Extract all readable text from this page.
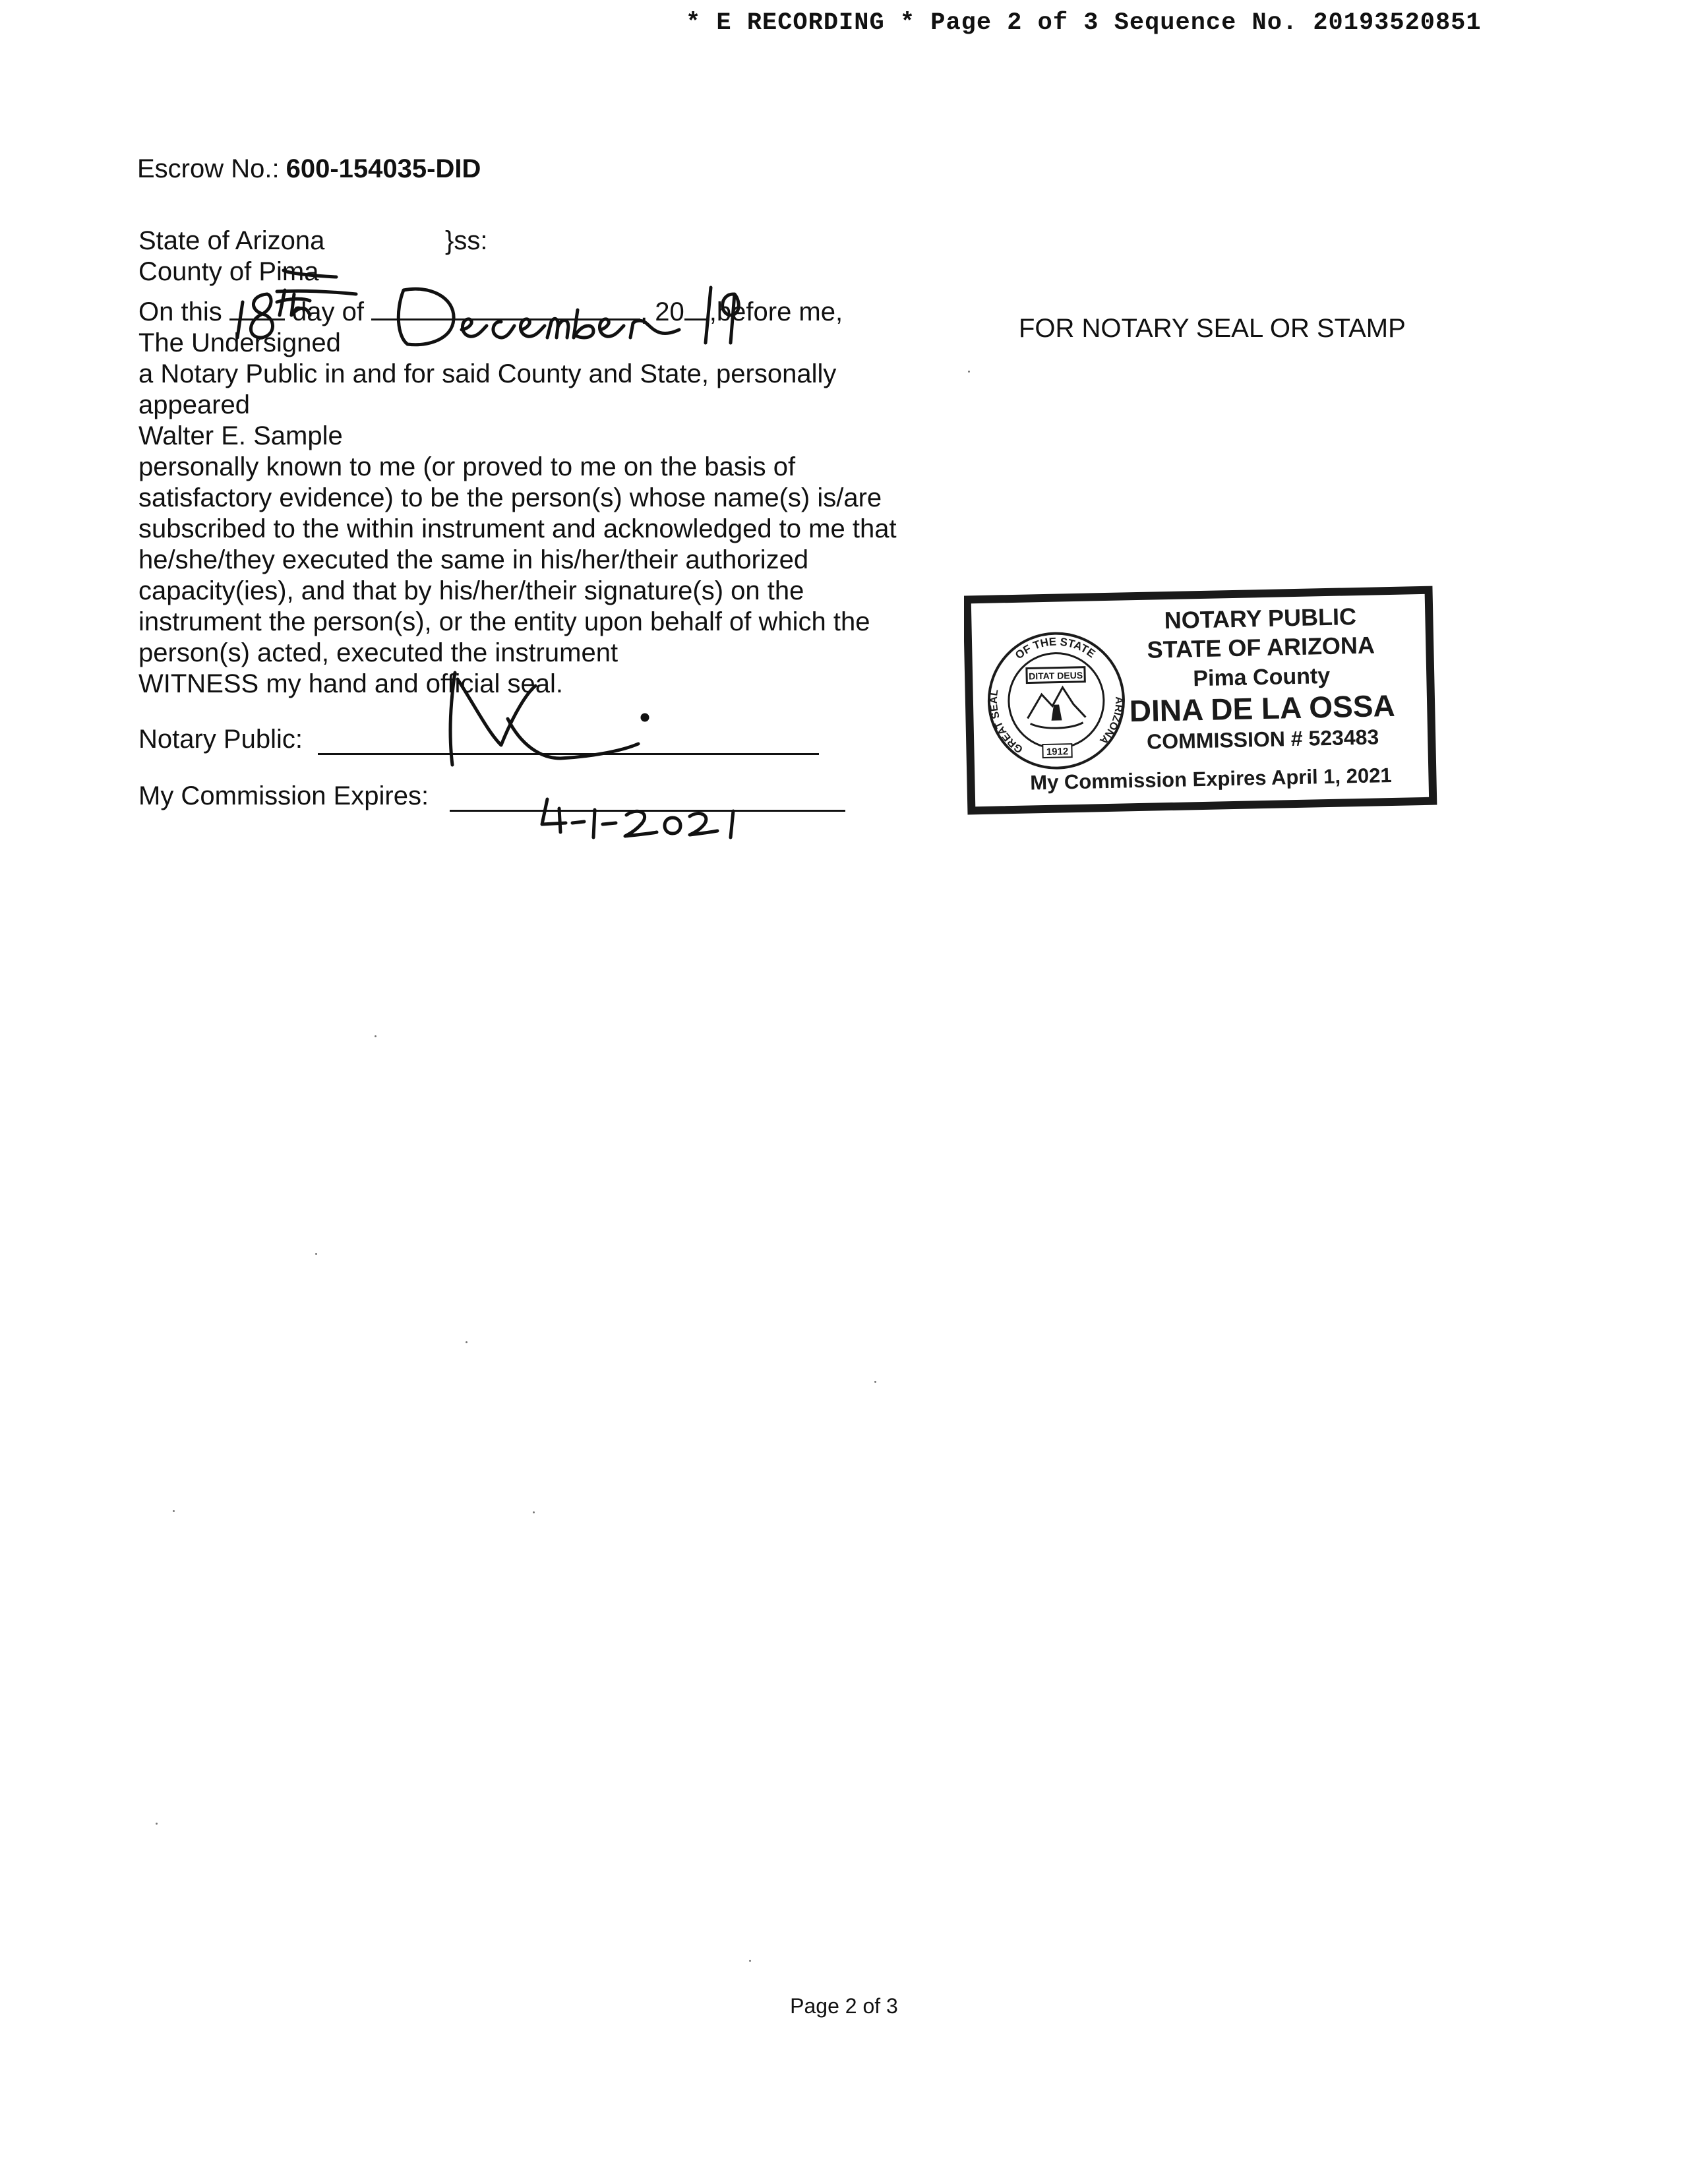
* E RECORDING * Page 2 of 3 Sequence No. 20193520851
Escrow No.: 600-154035-DID
State of Arizona	}ss:
County of Pima
On this	day of	, 20 ,before me,

The Undersigned

a Notary Public in and for said County and State, personally

appeared

Walter E. Sample

personally known to me (or proved to me on the basis of

satisfactory evidence) to be the person(s) whose name(s) is/are

subscribed to the within instrument and acknowledged to me that

he/she/they executed the same in his/her/their authorized

capacity(ies), and that by his/her/their signature(s) on the

instrument the person(s), or the entity upon behalf of which the

person(s) acted, executed the instrument

WITNESS my hand and official seal.

Notary Public:
My Commission Expires:
FOR NOTARY SEAL OR STAMP
OF THE STATE
GREAT SEAL
ARIZONA
DITAT DEUS
1912
NOTARY PUBLIC
STATE OF ARIZONA
Pima County
DINA DE LA OSSA
COMMISSION # 523483
My Commission Expires April 1, 2021
Page 2 of 3
